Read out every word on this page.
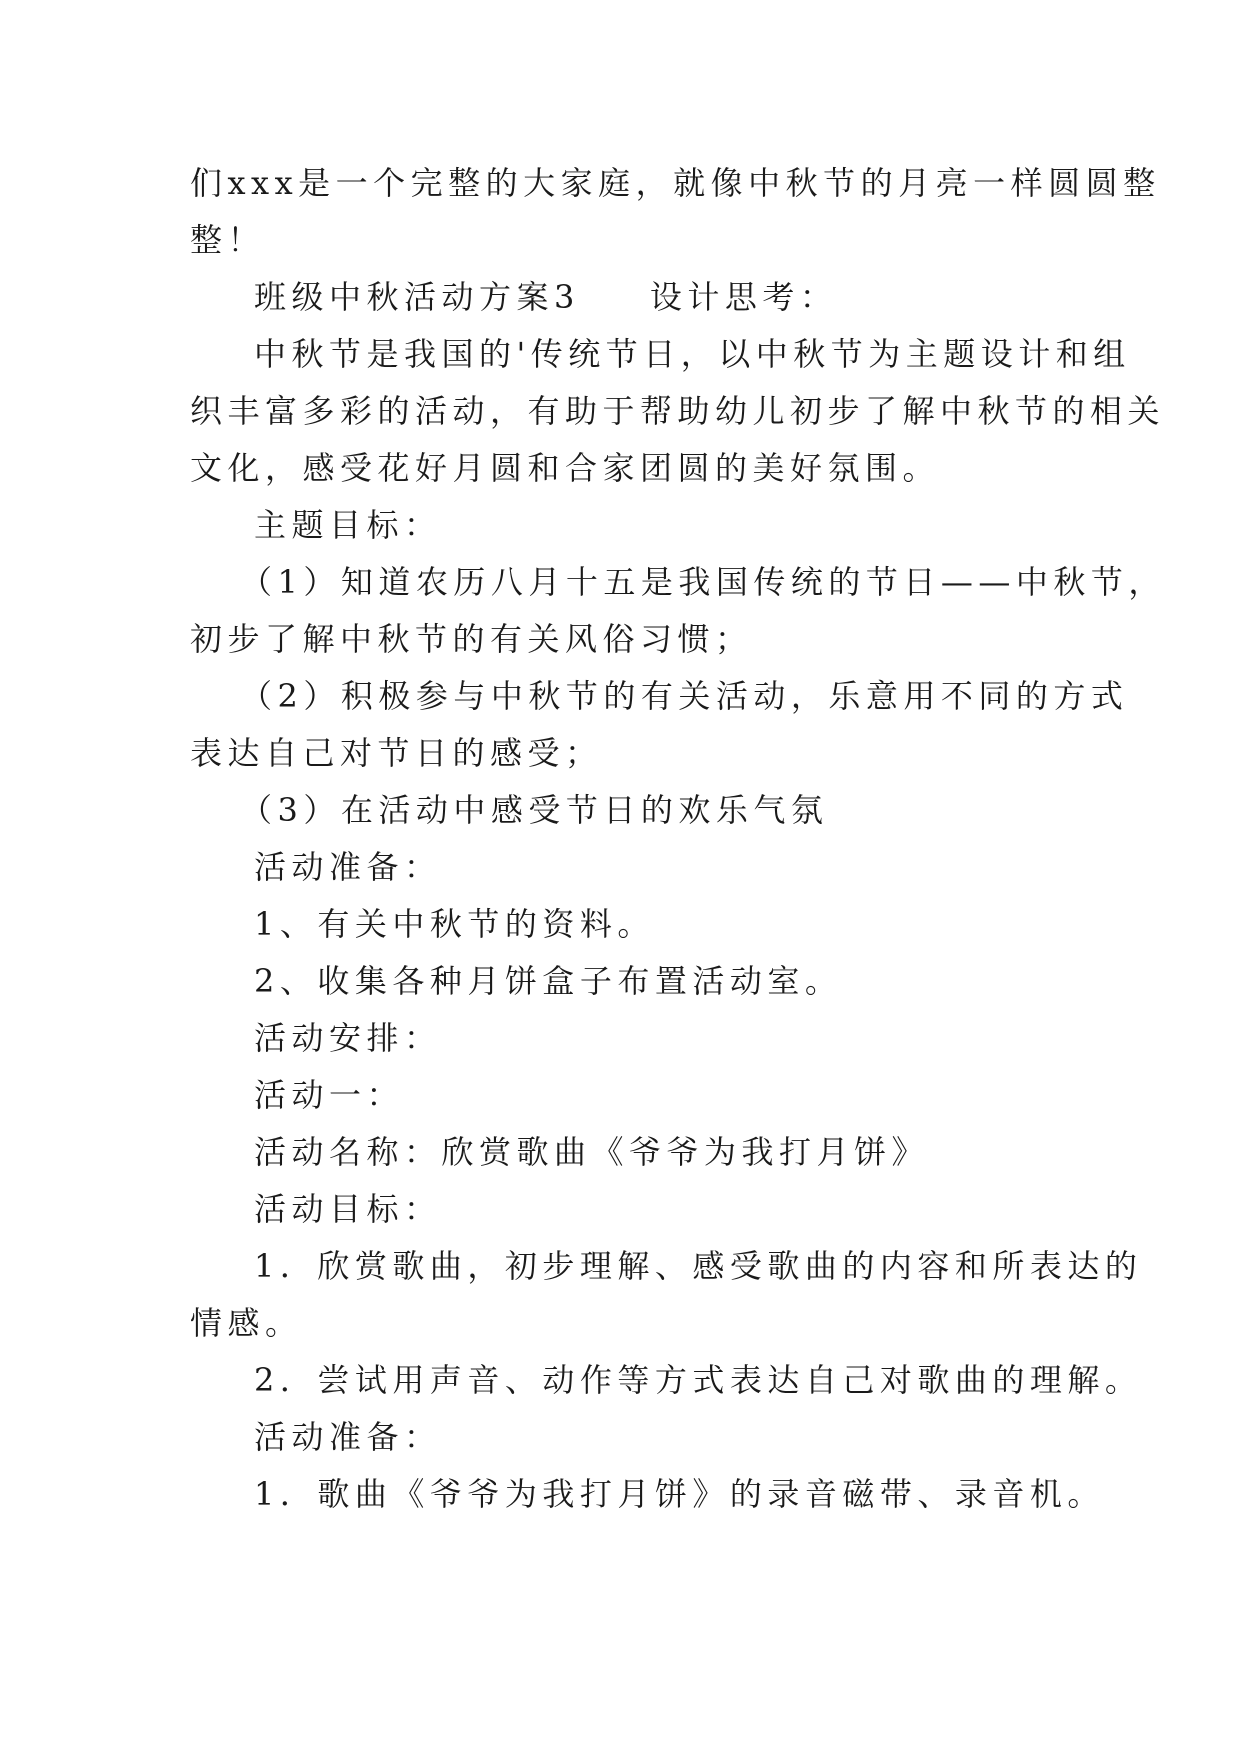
们xxx是一个完整的大家庭，就像中秋节的月亮一样圆圆整
整！
班级中秋活动方案3 设计思考：
中秋节是我国的'传统节日，以中秋节为主题设计和组
织丰富多彩的活动，有助于帮助幼儿初步了解中秋节的相关
文化，感受花好月圆和合家团圆的美好氛围。
主题目标：
（1）知道农历八月十五是我国传统的节日——中秋节，
初步了解中秋节的有关风俗习惯；
（2）积极参与中秋节的有关活动，乐意用不同的方式
表达自己对节日的感受；
（3）在活动中感受节日的欢乐气氛
活动准备：
1、有关中秋节的资料。
2、收集各种月饼盒子布置活动室。
活动安排：
活动一：
活动名称：欣赏歌曲《爷爷为我打月饼》
活动目标：
1．欣赏歌曲，初步理解、感受歌曲的内容和所表达的
情感。
2．尝试用声音、动作等方式表达自己对歌曲的理解。
活动准备：
1．歌曲《爷爷为我打月饼》的录音磁带、录音机。
